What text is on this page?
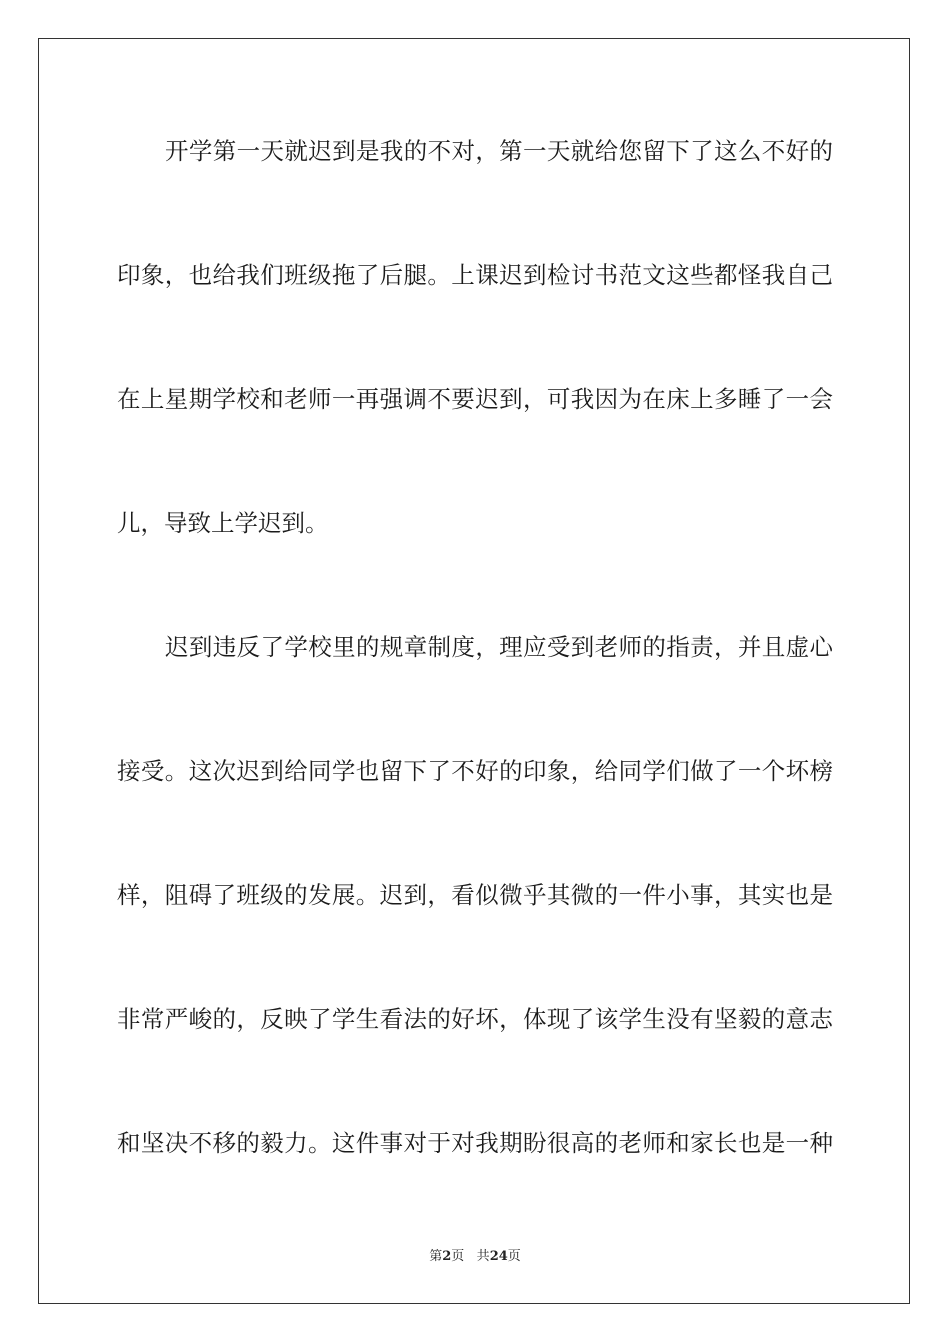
开学第一天就迟到是我的不对，第一天就给您留下了这么不好的
印象，也给我们班级拖了后腿。上课迟到检讨书范文这些都怪我自己
在上星期学校和老师一再强调不要迟到，可我因为在床上多睡了一会
儿，导致上学迟到。
迟到违反了学校里的规章制度，理应受到老师的指责，并且虚心
接受。这次迟到给同学也留下了不好的印象，给同学们做了一个坏榜
样，阻碍了班级的发展。迟到，看似微乎其微的一件小事，其实也是
非常严峻的，反映了学生看法的好坏，体现了该学生没有坚毅的意志
和坚决不移的毅力。这件事对于对我期盼很高的老师和家长也是一种
第2页 共24页
